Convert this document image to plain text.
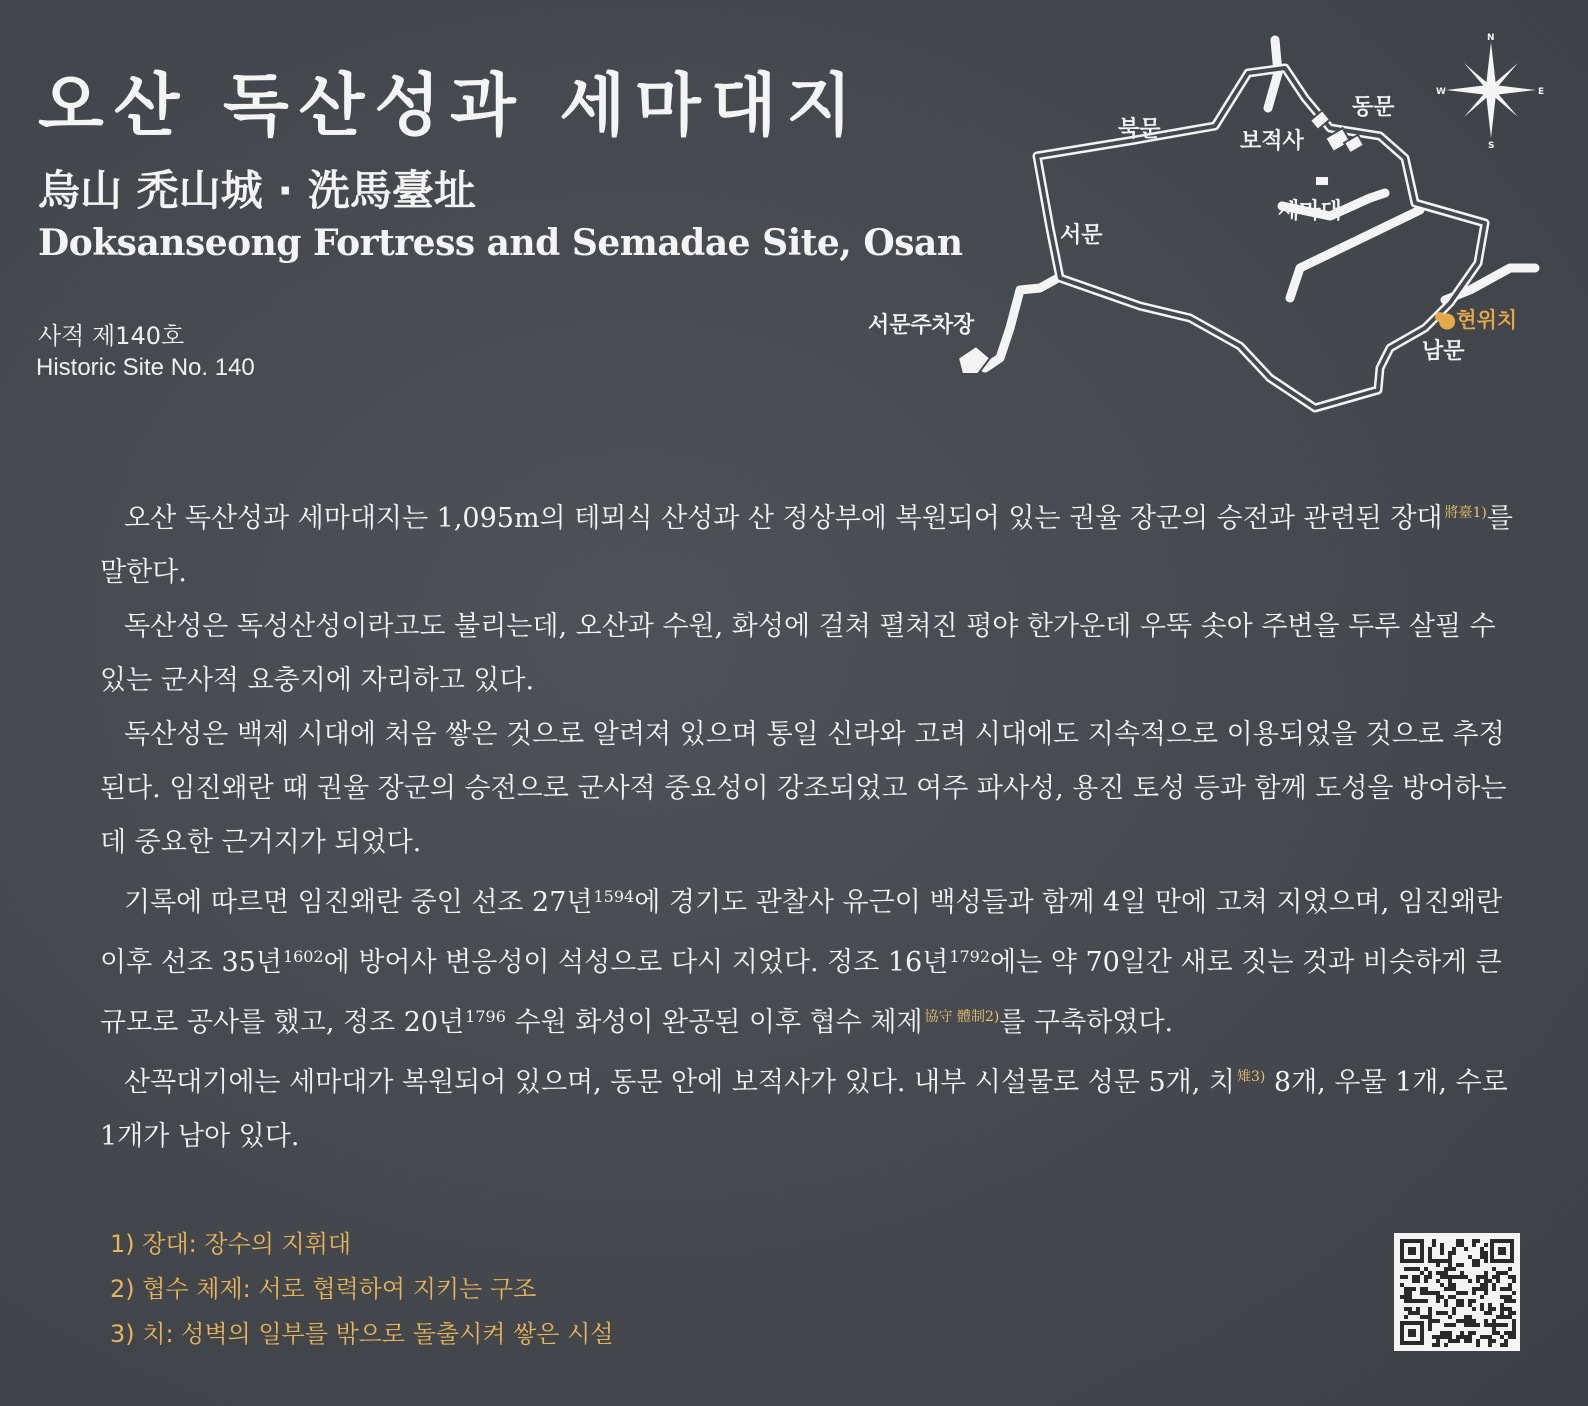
오산 독산성과 세마대지
烏山 禿山城 · 洗馬臺址
Doksanseong Fortress and Semadae Site, Osan
사적 제140호
Historic Site No. 140
북문
동문
보적사
세마대
서문
서문주차장	●현위치
남문
N
S
W	E

오산 독산성과 세마대지는 1,095m의 테뫼식 산성과 산 정상부에 복원되어 있는 권율 장군의 승전과 관련된 장대 $^{將臺1)}$를 말한다.

독산성은 독성산성이라고도 불리는데, 오산과 수원, 화성에 걸쳐 펼쳐진 평야 한가운데 우뚝 솟아 주변을 두루 살필 수 있는 군사적 요충지에 자리하고 있다.

독산성은 백제 시대에 처음 쌓은 것으로 알려져 있으며 통일 신라와 고려 시대에도 지속적으로 이용되었을 것으로 추정된다. 임진왜란 때 권율 장군의 승전으로 군사적 중요성이 강조되었고 여주 파사성, 용진 토성 등과 함께 도성을 방어하는데 중요한 근거지가 되었다.

기록에 따르면 임진왜란 중인 선조 27년$^{1594}$에 경기도 관찰사 유근이 백성들과 함께 4일 만에 고쳐 지었으며, 임진왜란 이후 선조 35년$^{1602}$에 방어사 변응성이 석성으로 다시 지었다. 정조 16년$^{1792}$에는 약 70일간 새로 짓는 것과 비슷하게 큰 규모로 공사를 했고, 정조 20년$^{1796}$ 수원 화성이 완공된 이후 협수 체제 $^{協守 體制2)}$를 구축하였다.

산꼭대기에는 세마대가 복원되어 있으며, 동문 안에 보적사가 있다. 내부 시설물로 성문 5개, 치 $^{雉3)}$ 8개, 우물 1개, 수로 1개가 남아 있다.

1) 장대: 장수의 지휘대
2) 협수 체제: 서로 협력하여 지키는 구조
3) 치: 성벽의 일부를 밖으로 돌출시켜 쌓은 시설
